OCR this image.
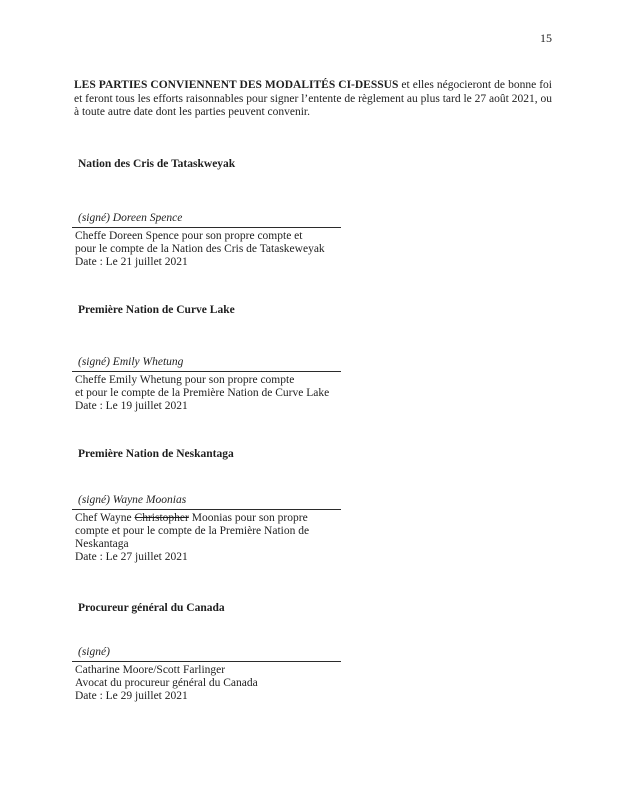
15

LES PARTIES CONVIENNENT DES MODALITÉS CI-DESSUS et elles négocieront de bonne foi et feront tous les efforts raisonnables pour signer l’entente de règlement au plus tard le 27 août 2021, ou à toute autre date dont les parties peuvent convenir.

Nation des Cris de Tataskweyak
(signé) Doreen Spence
Cheffe Doreen Spence pour son propre compte et
pour le compte de la Nation des Cris de Tataskeweyak
Date : Le 21 juillet 2021
Première Nation de Curve Lake
(signé) Emily Whetung
Cheffe Emily Whetung pour son propre compte
et pour le compte de la Première Nation de Curve Lake
Date : Le 19 juillet 2021
Première Nation de Neskantaga
(signé) Wayne Moonias
Chef Wayne Christopher Moonias pour son propre
compte et pour le compte de la Première Nation de
Neskantaga
Date : Le 27 juillet 2021
Procureur général du Canada
(signé)
Catharine Moore/Scott Farlinger
Avocat du procureur général du Canada
Date : Le 29 juillet 2021
